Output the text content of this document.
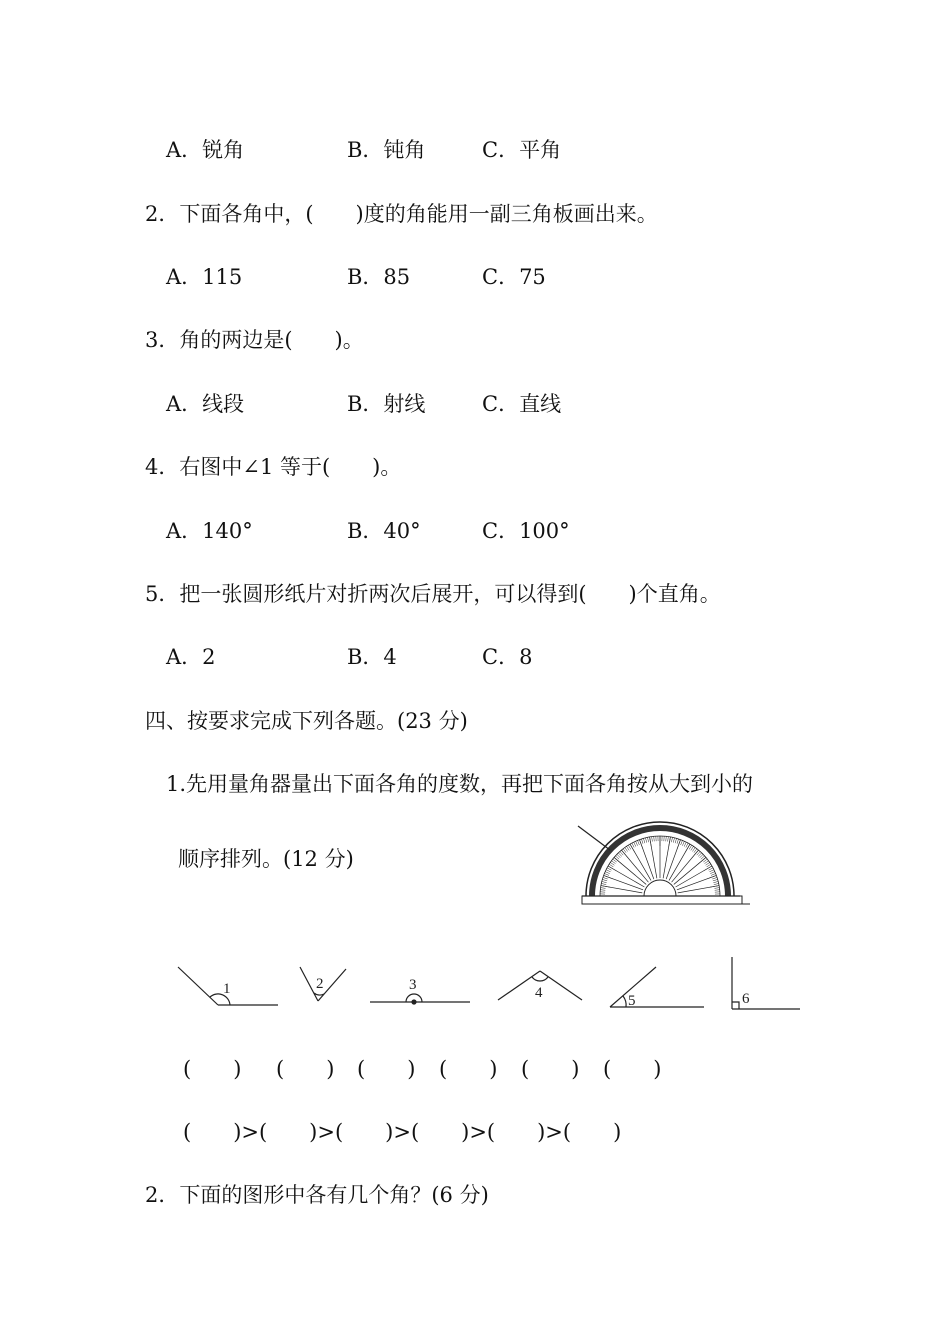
A．锐角	B．钝角	C．平角
2．下面各角中，(　　)度的角能用一副三角板画出来。
A．115	B．85	C．75
3．角的两边是(　　)。
A．线段	B．射线	C．直线
4．右图中∠1 等于(　　)。
A．140°	B．40°	C．100°
5．把一张圆形纸片对折两次后展开，可以得到(　　)个直角。
A．2	B．4	C．8
四、按要求完成下列各题。(23 分)
1.先用量角器量出下面各角的度数，再把下面各角按从大到小的
顺序排列。(12 分)
1	2	3	4	5	6
(　　) (　　) (　　) (　　) (　　) (　　)
(　　)>(　　)>(　　)>(　　)>(　　)>(　　)
2．下面的图形中各有几个角？(6 分)
